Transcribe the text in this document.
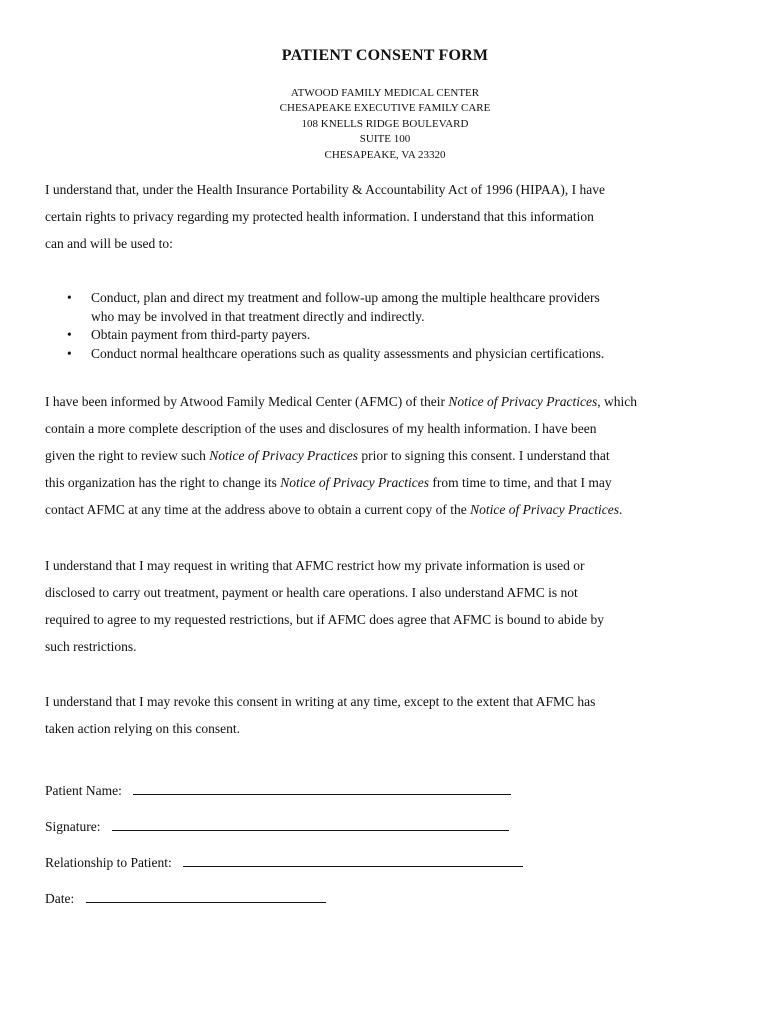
PATIENT CONSENT FORM
ATWOOD FAMILY MEDICAL CENTER
CHESAPEAKE EXECUTIVE FAMILY CARE
108 KNELLS RIDGE BOULEVARD
SUITE 100
CHESAPEAKE, VA 23320
I understand that, under the Health Insurance Portability & Accountability Act of 1996 (HIPAA), I have
certain rights to privacy regarding my protected health information. I understand that this information
can and will be used to:
• Conduct, plan and direct my treatment and follow-up among the multiple healthcare providers
who may be involved in that treatment directly and indirectly.
• Obtain payment from third-party payers.
• Conduct normal healthcare operations such as quality assessments and physician certifications.
I have been informed by Atwood Family Medical Center (AFMC) of their Notice of Privacy Practices, which
contain a more complete description of the uses and disclosures of my health information. I have been
given the right to review such Notice of Privacy Practices prior to signing this consent. I understand that
this organization has the right to change its Notice of Privacy Practices from time to time, and that I may
contact AFMC at any time at the address above to obtain a current copy of the Notice of Privacy Practices.
I understand that I may request in writing that AFMC restrict how my private information is used or
disclosed to carry out treatment, payment or health care operations. I also understand AFMC is not
required to agree to my requested restrictions, but if AFMC does agree that AFMC is bound to abide by
such restrictions.
I understand that I may revoke this consent in writing at any time, except to the extent that AFMC has
taken action relying on this consent.
Patient Name:
Signature:
Relationship to Patient:
Date:
